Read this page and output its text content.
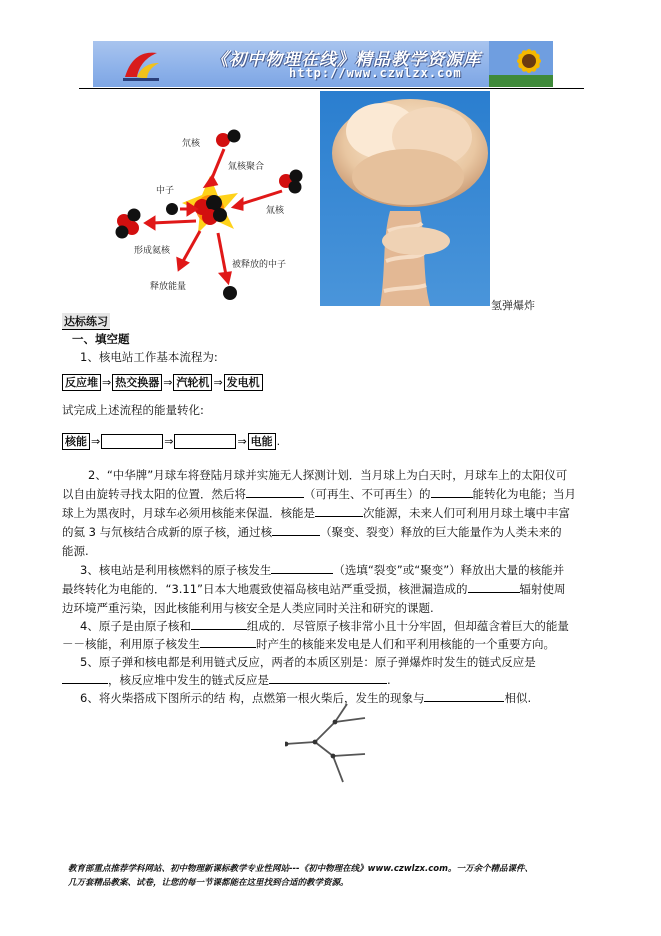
《初中物理在线》精品教学资源库
http://www.czwlzx.com
氘核
氚核聚合
中子
氚核
形成氦核
被释放的中子
释放能量
氢弹爆炸
达标练习
一、填空题
1、核电站工作基本流程为:
反应堆 ⇒ 热交换器 ⇒ 汽轮机 ⇒ 发电机
试完成上述流程的能量转化:
核能 ⇒	⇒	⇒ 电能 .
2、“中华牌”月球车将登陆月球并实施无人探测计划．当月球上为白天时，月球车上的太阳仪可
以自由旋转寻找太阳的位置．然后将	（可再生、不可再生）的	能转化为电能；当月
球上为黑夜时，月球车必须用核能来保温．核能是	次能源，未来人们可利用月球土壤中丰富
的氦 3 与氘核结合成新的原子核，通过核	（聚变、裂变）释放的巨大能量作为人类未来的
能源.
3、核电站是利用核燃料的原子核发生	（选填“裂变”或“聚变”）释放出大量的核能并
最终转化为电能的．“3.11”日本大地震致使福岛核电站严重受损，核泄漏造成的	辐射使周
边环境严重污染，因此核能利用与核安全是人类应同时关注和研究的课题.
4、原子是由原子核和	组成的．尽管原子核非常小且十分牢固，但却蕴含着巨大的能量
－－核能，利用原子核发生	时产生的核能来发电是人们和平利用核能的一个重要方向。
5、原子弹和核电都是利用链式反应，两者的本质区别是：原子弹爆炸时发生的链式反应是
，核反应堆中发生的链式反应是	.
6、将火柴搭成下图所示的结 构，点燃第一根火柴后，发生的现象与	相似.
教育部重点推荐学科网站、初中物理新课标教学专业性网站---《初中物理在线》www.czwlzx.com。一万余个精品课件、
几万套精品教案、试卷，让您的每一节课都能在这里找到合适的教学资源。
